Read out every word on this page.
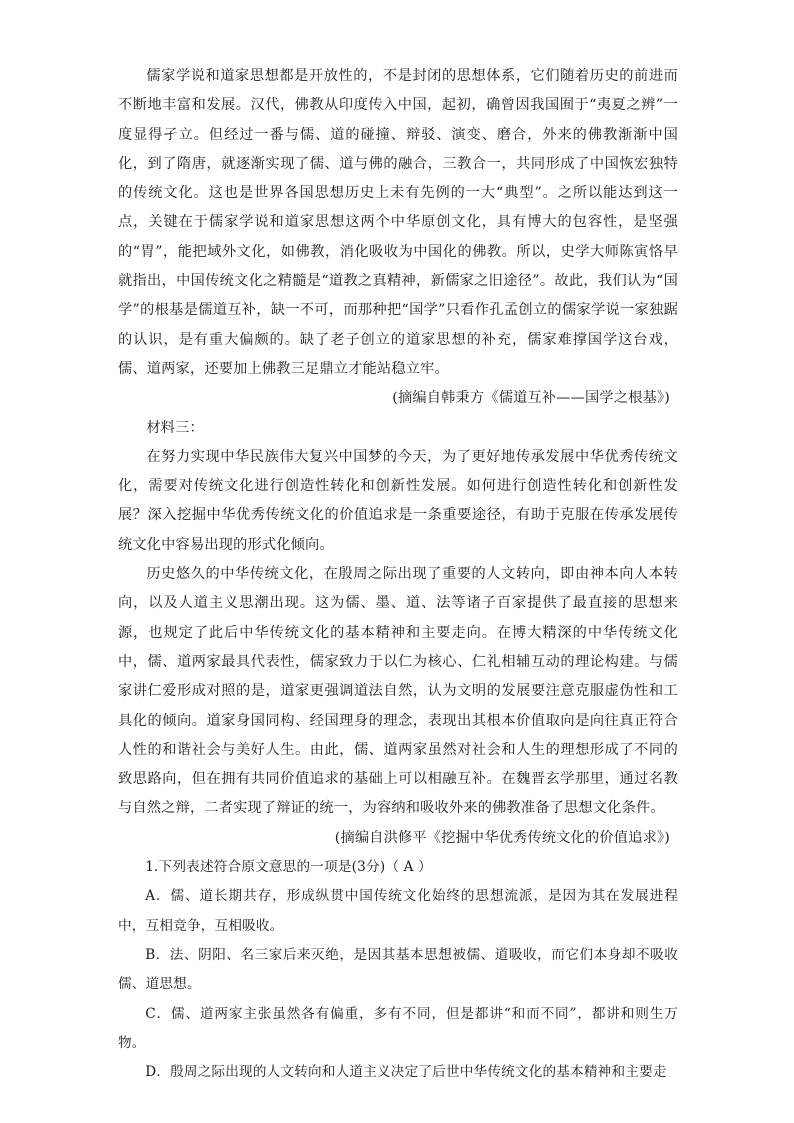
儒家学说和道家思想都是开放性的，不是封闭的思想体系，它们随着历史的前进而不断地丰富和发展。汉代，佛教从印度传入中国，起初，确曾因我国囿于“夷夏之辨”一度显得孑立。但经过一番与儒、道的碰撞、辩驳、演变、磨合，外来的佛教渐渐中国化，到了隋唐，就逐渐实现了儒、道与佛的融合，三教合一，共同形成了中国恢宏独特的传统文化。这也是世界各国思想历史上未有先例的一大“典型”。之所以能达到这一点，关键在于儒家学说和道家思想这两个中华原创文化，具有博大的包容性，是坚强的“胃”，能把域外文化，如佛教，消化吸收为中国化的佛教。所以，史学大师陈寅恪早就指出，中国传统文化之精髓是“道教之真精神，新儒家之旧途径”。故此，我们认为“国学”的根基是儒道互补，缺一不可，而那种把“国学”只看作孔孟创立的儒家学说一家独踞的认识，是有重大偏颇的。缺了老子创立的道家思想的补充，儒家难撑国学这台戏，儒、道两家，还要加上佛教三足鼎立才能站稳立牢。

(摘编自韩秉方《儒道互补——国学之根基》)

材料三：

在努力实现中华民族伟大复兴中国梦的今天，为了更好地传承发展中华优秀传统文化，需要对传统文化进行创造性转化和创新性发展。如何进行创造性转化和创新性发展？深入挖掘中华优秀传统文化的价值追求是一条重要途径，有助于克服在传承发展传统文化中容易出现的形式化倾向。

历史悠久的中华传统文化，在殷周之际出现了重要的人文转向，即由神本向人本转向，以及人道主义思潮出现。这为儒、墨、道、法等诸子百家提供了最直接的思想来源，也规定了此后中华传统文化的基本精神和主要走向。在博大精深的中华传统文化中，儒、道两家最具代表性，儒家致力于以仁为核心、仁礼相辅互动的理论构建。与儒家讲仁爱形成对照的是，道家更强调道法自然，认为文明的发展要注意克服虚伪性和工具化的倾向。道家身国同构、经国理身的理念，表现出其根本价值取向是向往真正符合人性的和谐社会与美好人生。由此，儒、道两家虽然对社会和人生的理想形成了不同的致思路向，但在拥有共同价值追求的基础上可以相融互补。在魏晋玄学那里，通过名教与自然之辩，二者实现了辩证的统一，为容纳和吸收外来的佛教准备了思想文化条件。

(摘编自洪修平《挖掘中华优秀传统文化的价值追求》)

1.下列表述符合原文意思的一项是(3分)（ A ）

A．儒、道长期共存，形成纵贯中国传统文化始终的思想流派，是因为其在发展进程中，互相竞争，互相吸收。

B．法、阴阳、名三家后来灭绝，是因其基本思想被儒、道吸收，而它们本身却不吸收儒、道思想。

C．儒、道两家主张虽然各有偏重，多有不同，但是都讲“和而不同”，都讲和则生万物。

D．殷周之际出现的人文转向和人道主义决定了后世中华传统文化的基本精神和主要走
